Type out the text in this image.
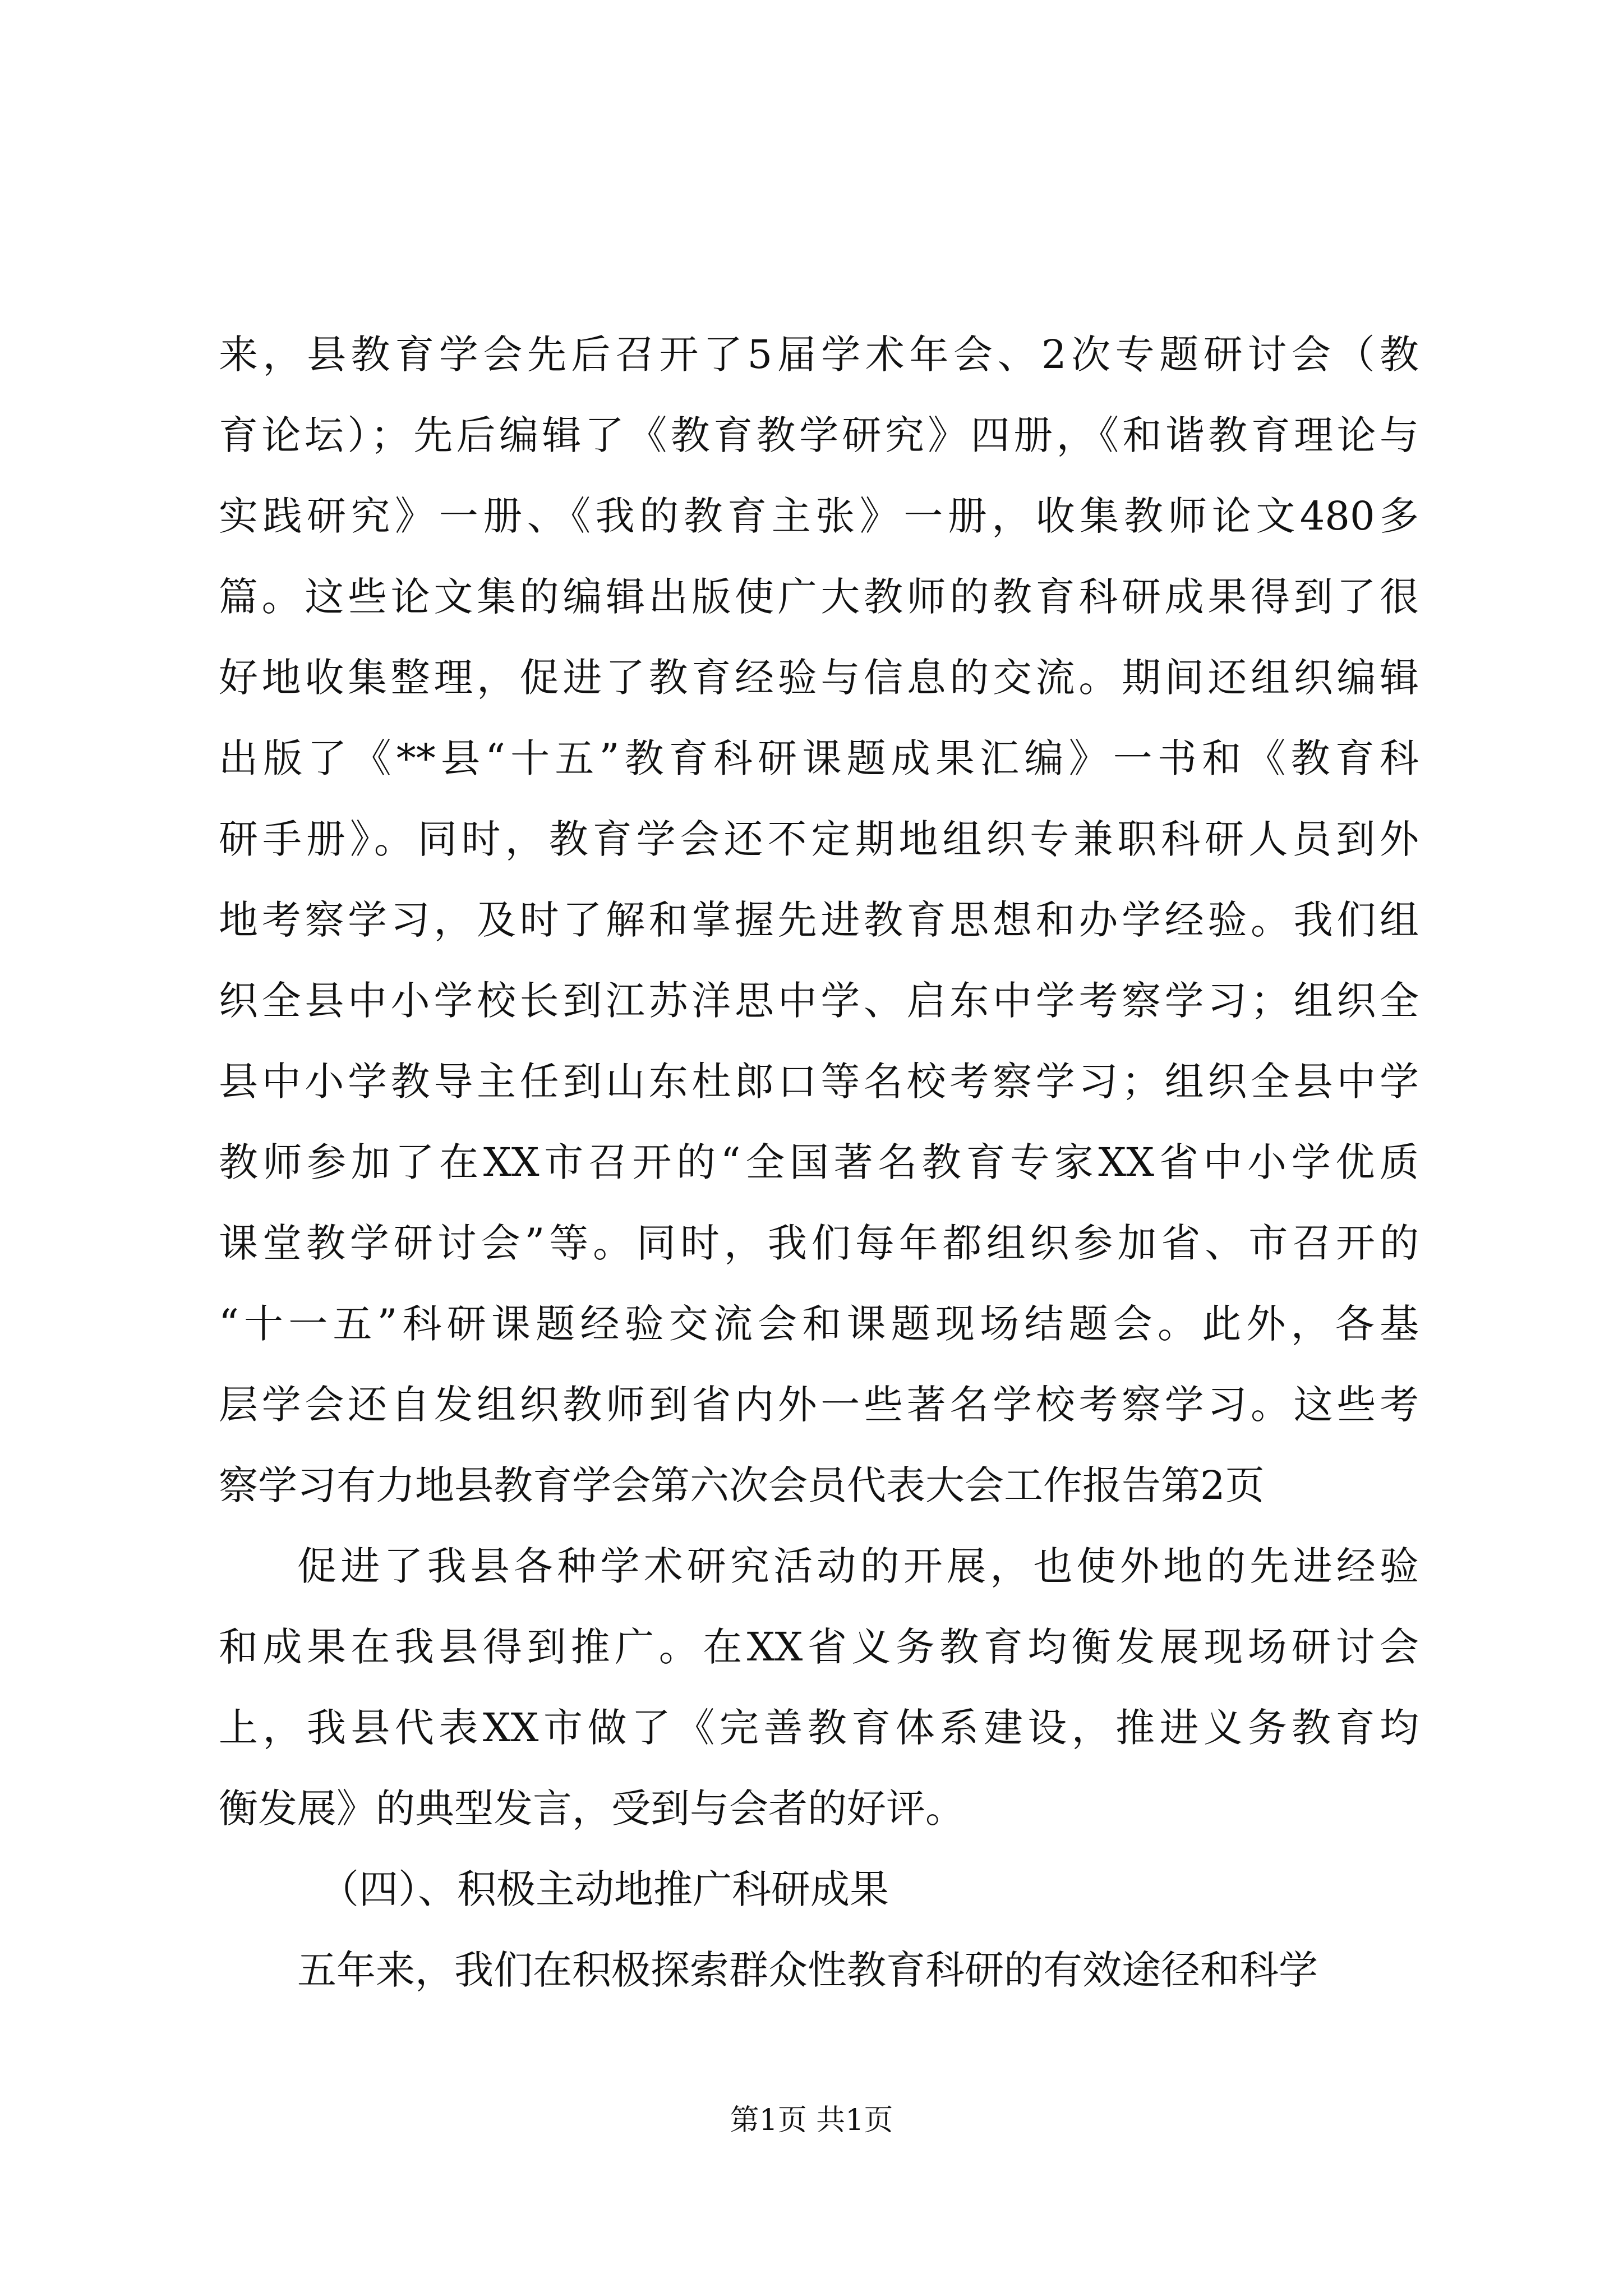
来，县教育学会先后召开了5届学术年会、2次专题研讨会（教
育论坛）；先后编辑了《教育教学研究》四册，《和谐教育理论与
实践研究》一册、《我的教育主张》一册，收集教师论文480多
篇。这些论文集的编辑出版使广大教师的教育科研成果得到了很
好地收集整理，促进了教育经验与信息的交流。期间还组织编辑
出版了《**县“十五”教育科研课题成果汇编》一书和《教育科
研手册》。同时，教育学会还不定期地组织专兼职科研人员到外
地考察学习，及时了解和掌握先进教育思想和办学经验。我们组
织全县中小学校长到江苏洋思中学、启东中学考察学习；组织全
县中小学教导主任到山东杜郎口等名校考察学习；组织全县中学
教师参加了在XX市召开的“全国著名教育专家XX省中小学优质
课堂教学研讨会”等。同时，我们每年都组织参加省、市召开的
“十一五”科研课题经验交流会和课题现场结题会。此外，各基
层学会还自发组织教师到省内外一些著名学校考察学习。这些考
察学习有力地县教育学会第六次会员代表大会工作报告第2页
促进了我县各种学术研究活动的开展，也使外地的先进经验
和成果在我县得到推广。在XX省义务教育均衡发展现场研讨会
上，我县代表XX市做了《完善教育体系建设，推进义务教育均
衡发展》的典型发言，受到与会者的好评。
（四）、积极主动地推广科研成果
五年来，我们在积极探索群众性教育科研的有效途径和科学
第1页 共1页
